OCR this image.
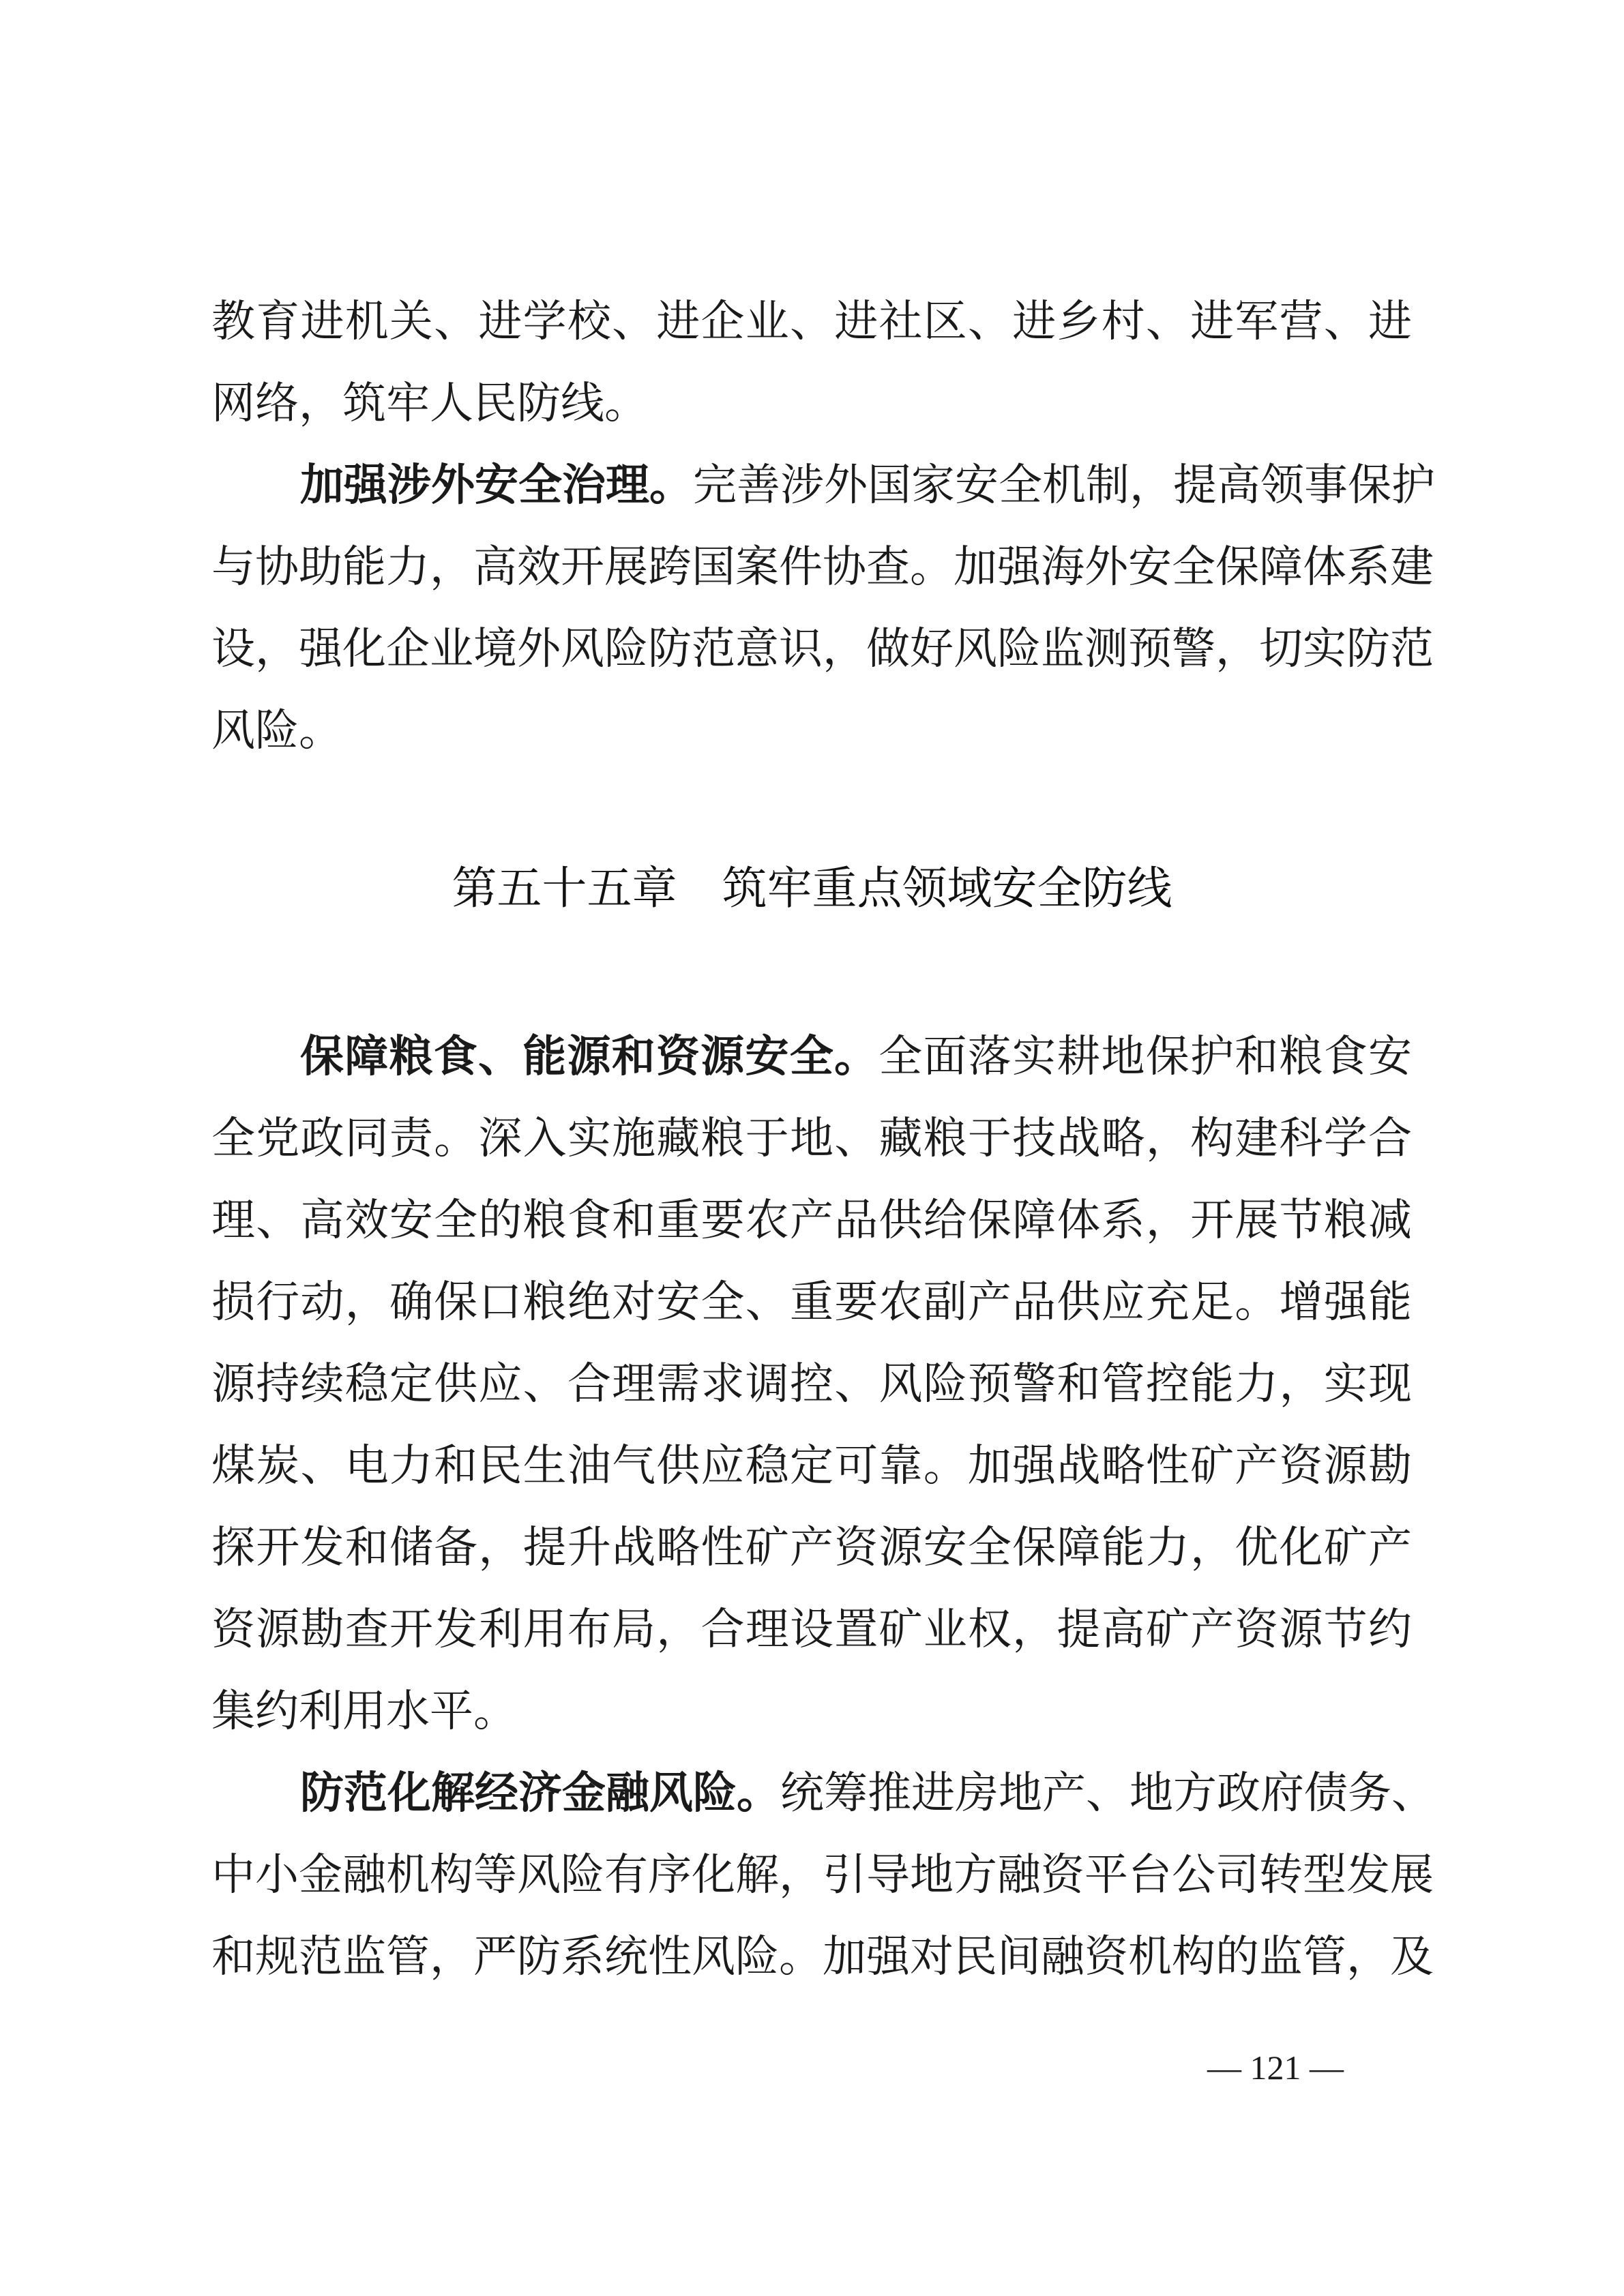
教育进机关、进学校、进企业、进社区、进乡村、进军营、进
网络，筑牢人民防线。
加强涉外安全治理。完善涉外国家安全机制，提高领事保护
与协助能力，高效开展跨国案件协查。加强海外安全保障体系建
设，强化企业境外风险防范意识，做好风险监测预警，切实防范
风险。
第五十五章　筑牢重点领域安全防线
保障粮食、能源和资源安全。全面落实耕地保护和粮食安
全党政同责。深入实施藏粮于地、藏粮于技战略，构建科学合
理、高效安全的粮食和重要农产品供给保障体系，开展节粮减
损行动，确保口粮绝对安全、重要农副产品供应充足。增强能
源持续稳定供应、合理需求调控、风险预警和管控能力，实现
煤炭、电力和民生油气供应稳定可靠。加强战略性矿产资源勘
探开发和储备，提升战略性矿产资源安全保障能力，优化矿产
资源勘查开发利用布局，合理设置矿业权，提高矿产资源节约
集约利用水平。
防范化解经济金融风险。统筹推进房地产、地方政府债务、
中小金融机构等风险有序化解，引导地方融资平台公司转型发展
和规范监管，严防系统性风险。加强对民间融资机构的监管，及
— 121 —
